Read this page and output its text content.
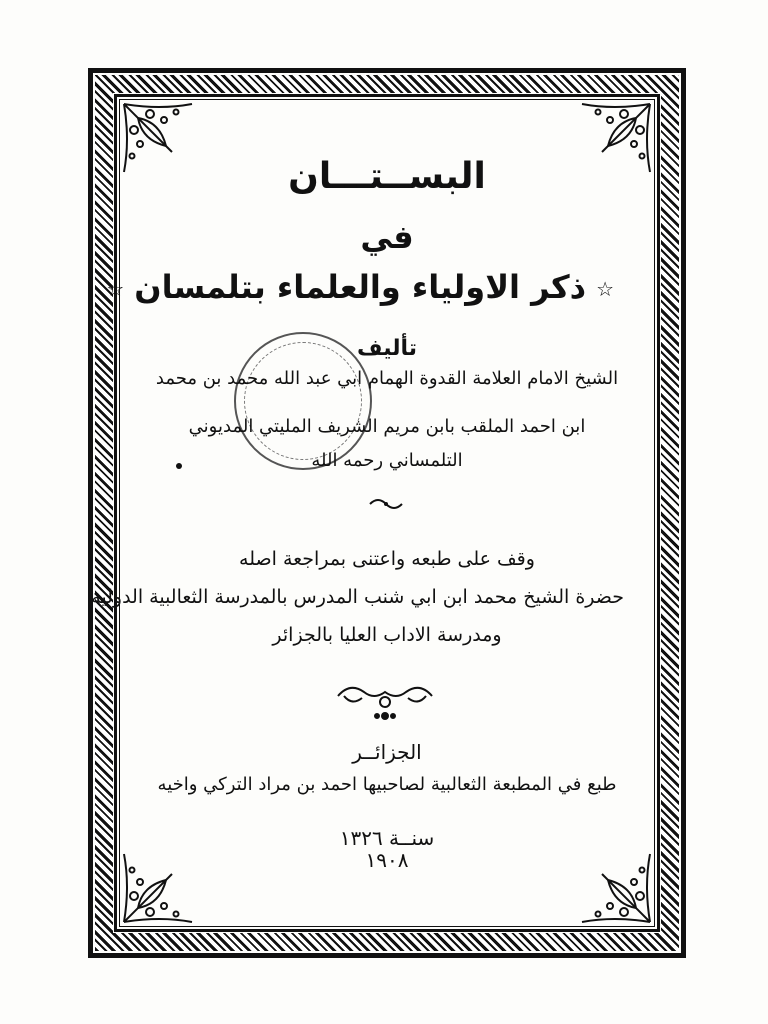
البســتـــان
في
☆ذكر الاولياء والعلماء بتلمسان☆
تأليف
الشيخ الامام العلامة القدوة الهمام ابي عبد الله محمد بن محمد
ابن احمد الملقب بابن مريم الشريف المليتي المديوني
التلمساني رحمه الله
وقف على طبعه واعتنى بمراجعة اصله
حضرة الشيخ محمد ابن ابي شنب المدرس بالمدرسة الثعالبية الدولية
ومدرسة الاداب العليا بالجزائر
الجزائــر
طبع في المطبعة الثعالبية لصاحبيها احمد بن مراد التركي واخيه
سنــة ١٣٢٦
١٩٠٨
